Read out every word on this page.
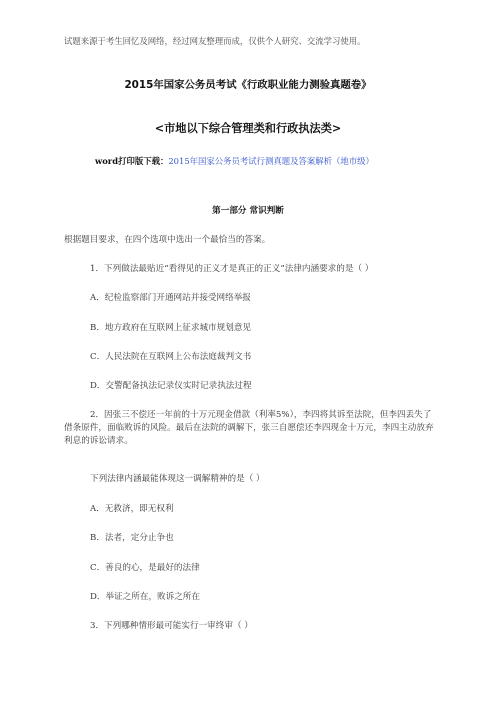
试题来源于考生回忆及网络，经过网友整理而成，仅供个人研究、交流学习使用。
2015年国家公务员考试《行政职业能力测验真题卷》
<市地以下综合管理类和行政执法类>
word打印版下载：2015年国家公务员考试行测真题及答案解析（地市级）
第一部分 常识判断
根据题目要求，在四个选项中选出一个最恰当的答案。
1．下列做法最贴近“看得见的正义才是真正的正义”法律内涵要求的是（ ）
A．纪检监察部门开通网站并接受网络举报
B．地方政府在互联网上征求城市规划意见
C．人民法院在互联网上公布法庭裁判文书
D．交警配备执法记录仪实时记录执法过程
2．因张三不偿还一年前的十万元现金借款（利率5%），李四将其诉至法院，但李四丢失了借条原件，面临败诉的风险。最后在法院的调解下，张三自愿偿还李四现金十万元，李四主动放弃利息的诉讼请求。
下列法律内涵最能体现这一调解精神的是（ ）
A．无救济，即无权利
B．法者，定分止争也
C．善良的心，是最好的法律
D．举证之所在，败诉之所在
3．下列哪种情形最可能实行一审终审（ ）
